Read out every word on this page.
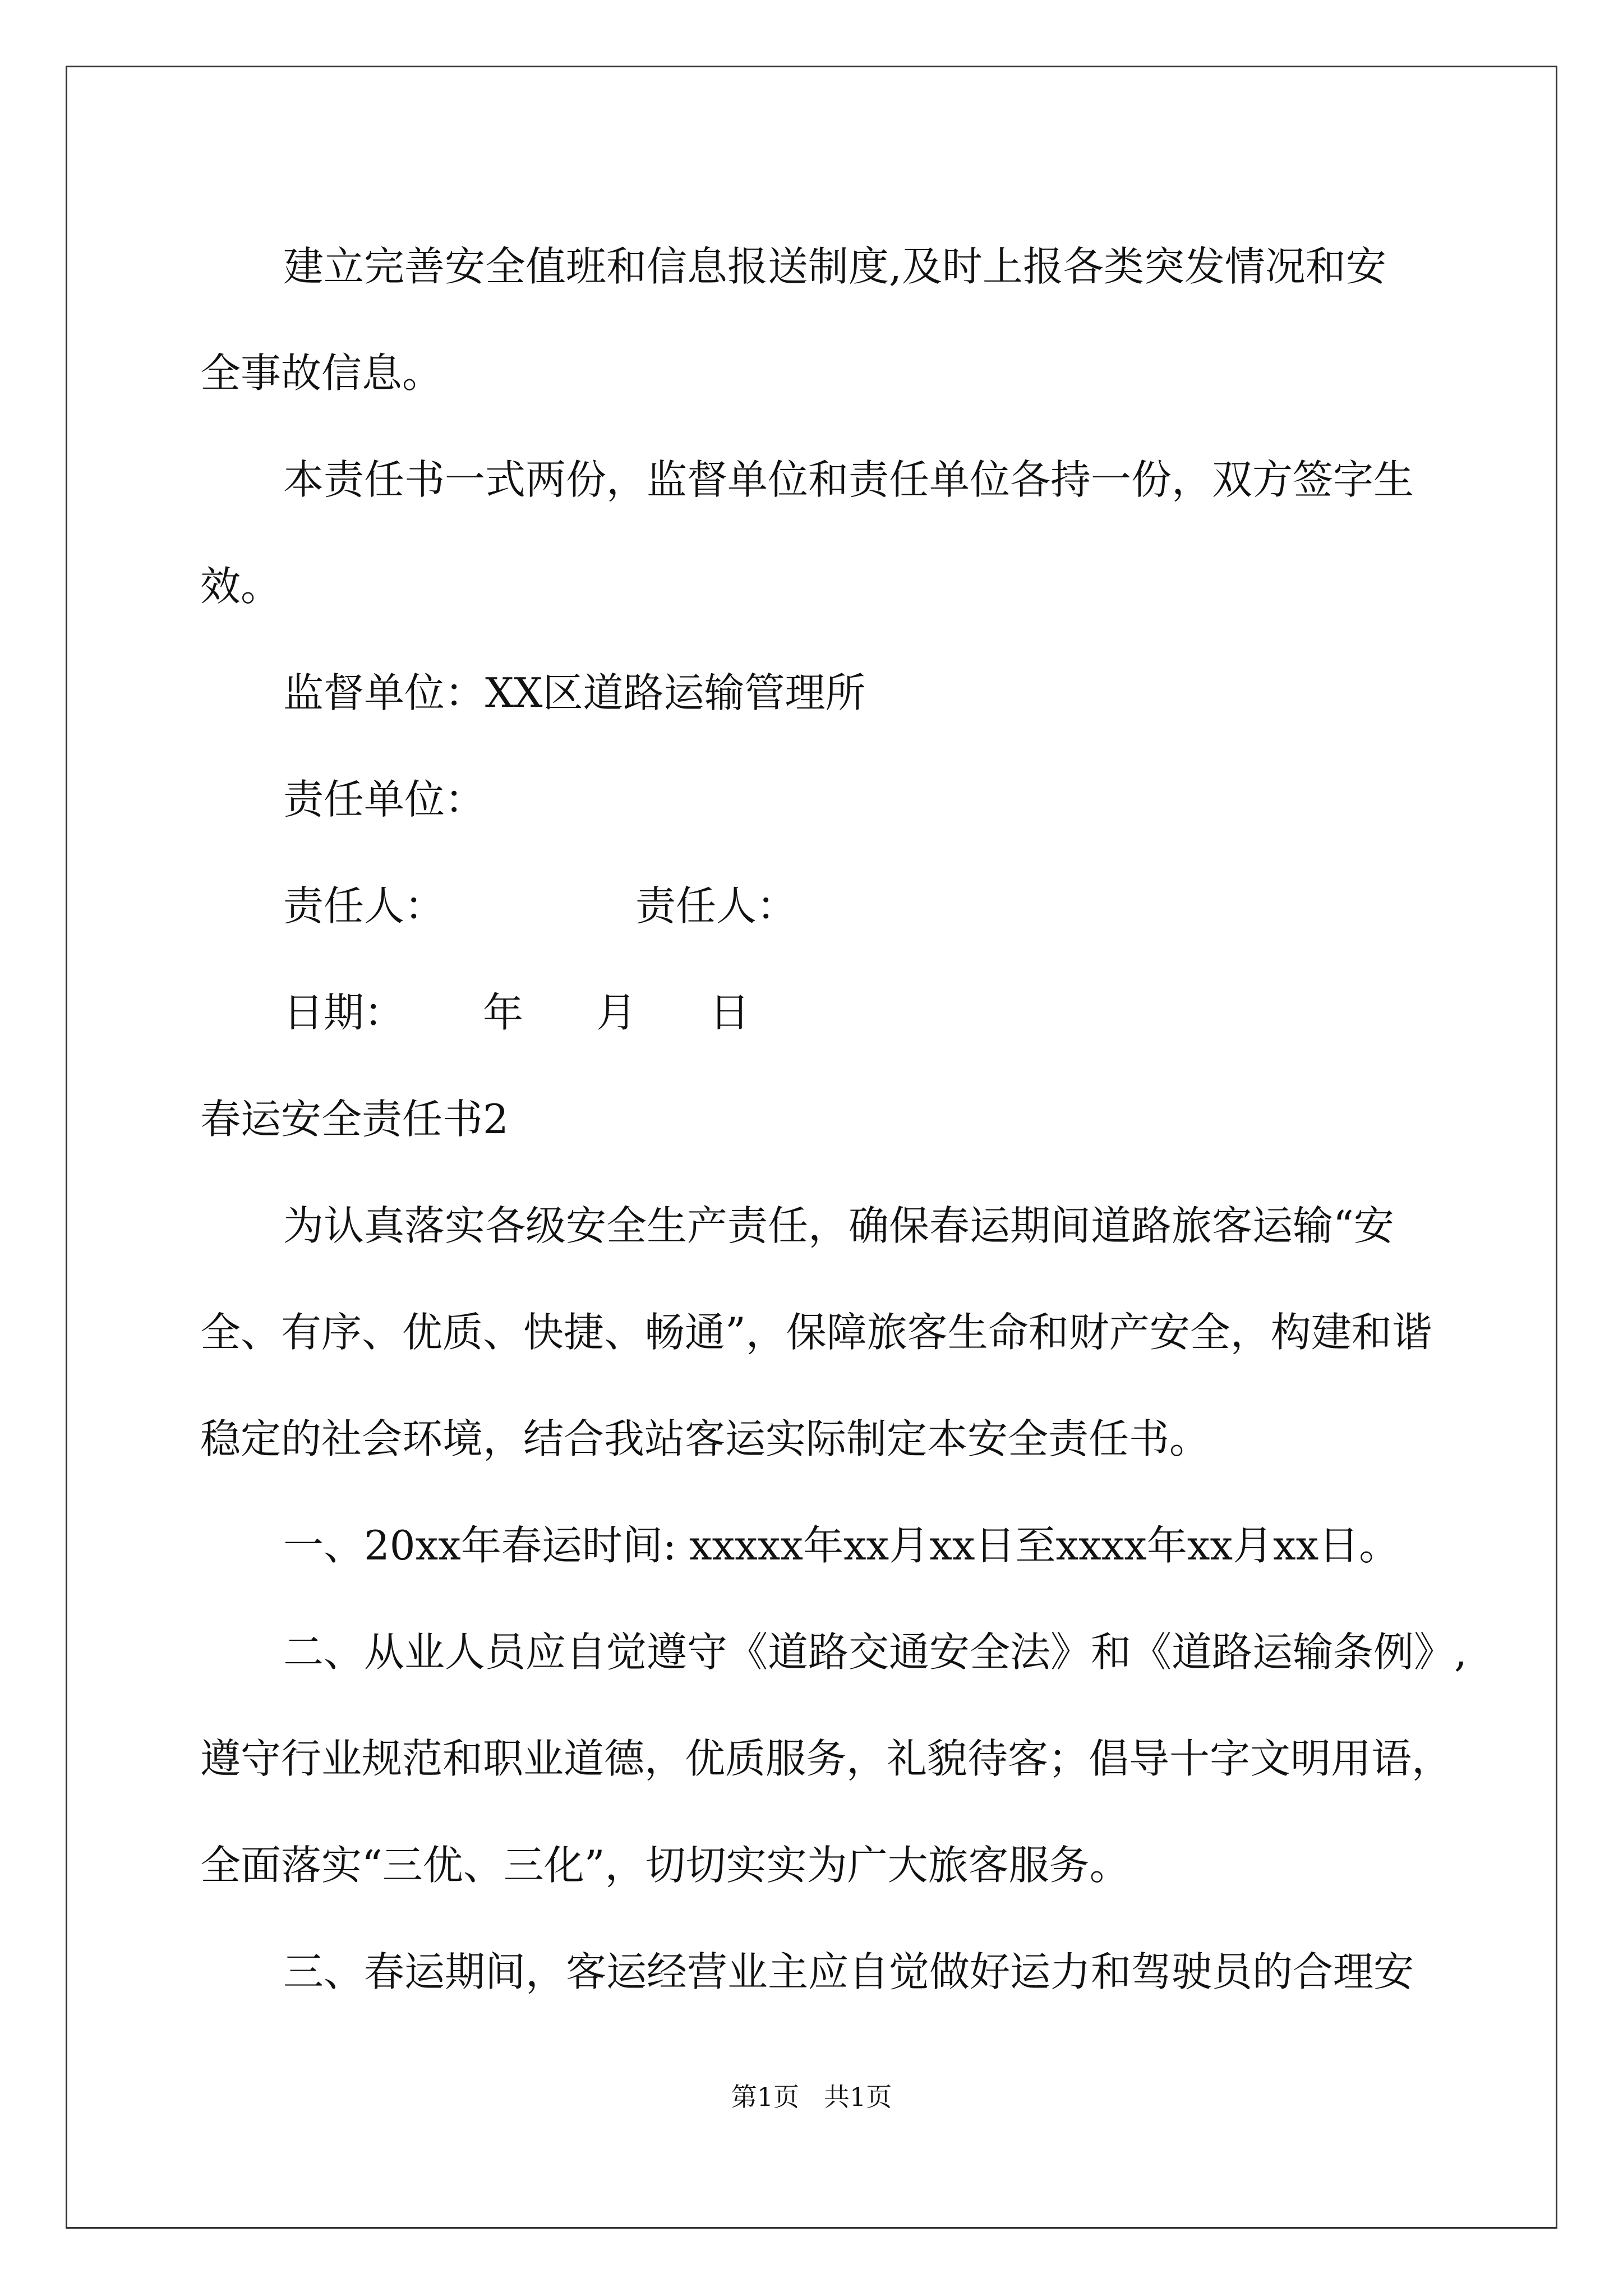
建立完善安全值班和信息报送制度,及时上报各类突发情况和安

全事故信息。

本责任书一式两份，监督单位和责任单位各持一份，双方签字生

效。

监督单位：XX区道路运输管理所

责任单位：

责任人：	责任人：

日期： 年 月 日

春运安全责任书2

为认真落实各级安全生产责任，确保春运期间道路旅客运输“安

全、有序、优质、快捷、畅通”，保障旅客生命和财产安全，构建和谐

稳定的社会环境，结合我站客运实际制定本安全责任书。

一、20xx年春运时间: xxxxx年xx月xx日至xxxx年xx月xx日。

二、从业人员应自觉遵守《道路交通安全法》和《道路运输条例》,

遵守行业规范和职业道德，优质服务，礼貌待客；倡导十字文明用语，

全面落实“三优、三化”，切切实实为广大旅客服务。

三、春运期间，客运经营业主应自觉做好运力和驾驶员的合理安

第1页 共1页
